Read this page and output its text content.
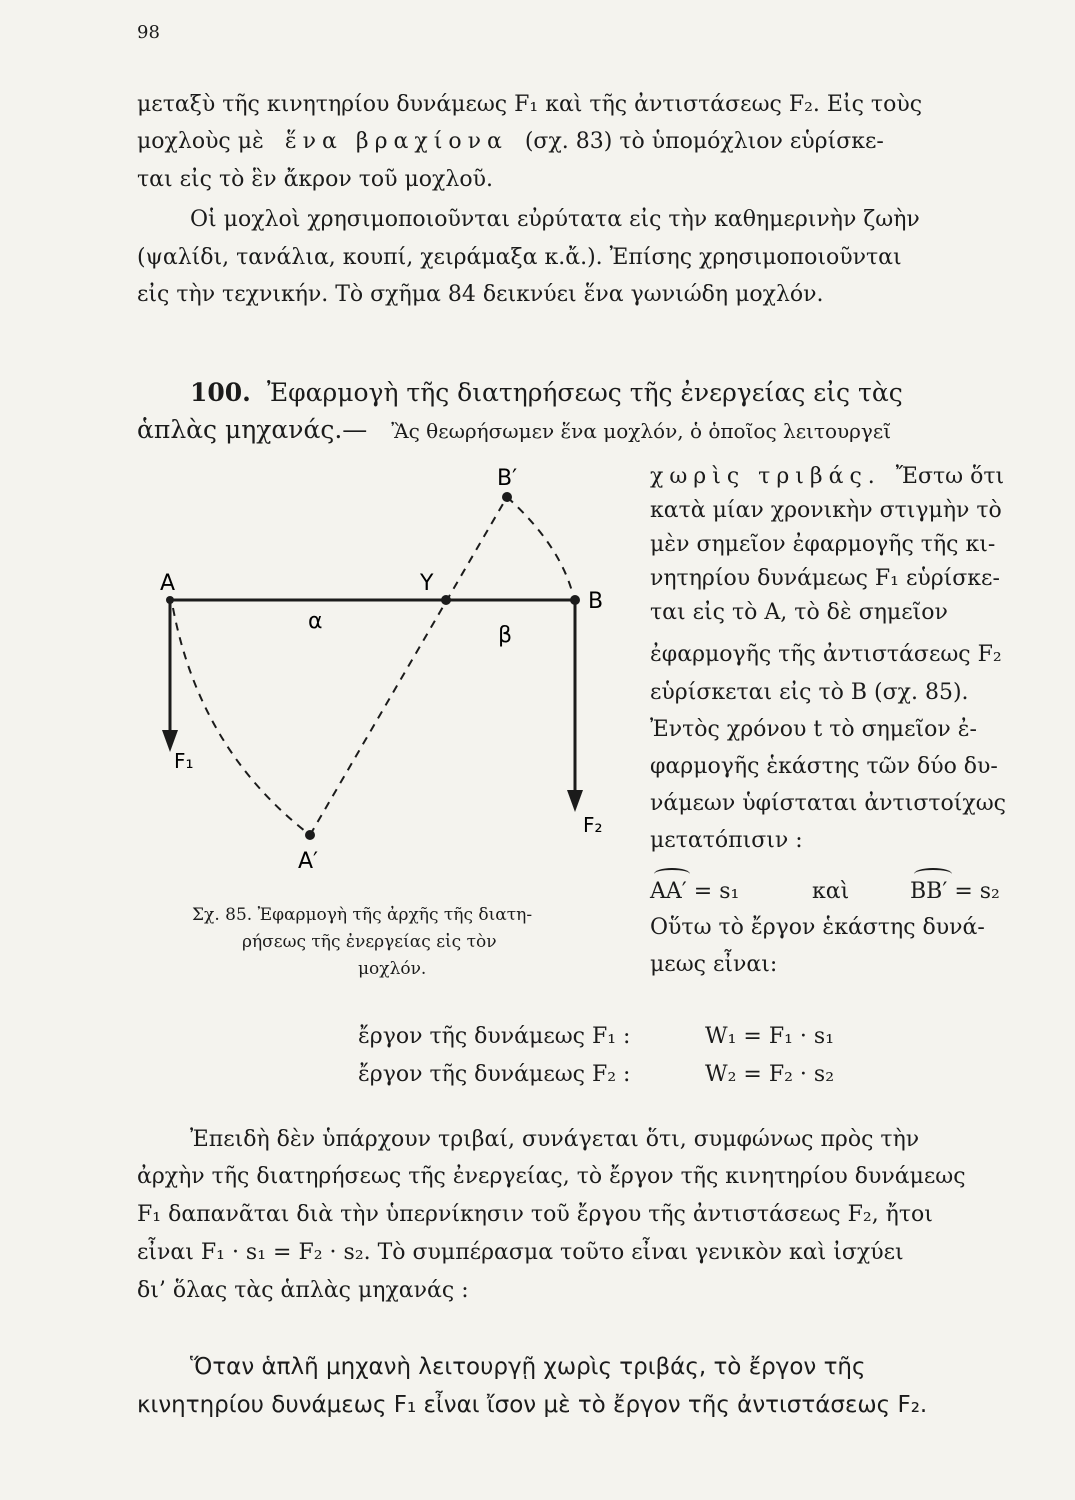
98
μεταξὺ τῆς κινητηρίου δυνάμεως F₁ καὶ τῆς ἀντιστάσεως F₂. Εἰς τοὺς
μοχλοὺς μὲ ἕνα βραχίονα (σχ. 83) τὸ ὑπομόχλιον εὑρίσκε-
ται εἰς τὸ ἓν ἄκρον τοῦ μοχλοῦ.
Οἱ μοχλοὶ χρησιμοποιοῦνται εὐρύτατα εἰς τὴν καθημερινὴν ζωὴν
(ψαλίδι, τανάλια, κουπί, χειράμαξα κ.ἄ.). Ἐπίσης χρησιμοποιοῦνται
εἰς τὴν τεχνικήν. Τὸ σχῆμα 84 δεικνύει ἕνα γωνιώδη μοχλόν.
100. Ἐφαρμογὴ τῆς διατηρήσεως τῆς ἐνεργείας εἰς τὰς
ἁπλὰς μηχανάς.— Ἂς θεωρήσωμεν ἕνα μοχλόν, ὁ ὁποῖος λειτουργεῖ
χωρὶς τριβάς. Ἔστω ὅτι
κατὰ μίαν χρονικὴν στιγμὴν τὸ
μὲν σημεῖον ἐφαρμογῆς τῆς κι-
νητηρίου δυνάμεως F₁ εὑρίσκε-
ται εἰς τὸ A, τὸ δὲ σημεῖον
ἐφαρμογῆς τῆς ἀντιστάσεως F₂
εὑρίσκεται εἰς τὸ B (σχ. 85).
Ἐντὸς χρόνου t τὸ σημεῖον ἐ-
φαρμογῆς ἑκάστης τῶν δύο δυ-
νάμεων ὑφίσταται ἀντιστοίχως
μετατόπισιν :
AA′ = s₁	καὶ	BB′ = s₂
Οὕτω τὸ ἔργον ἑκάστης δυνά-
μεως εἶναι:
A
B
Y
B′
A′
α
β
F₁
F₂
Σχ. 85. Ἐφαρμογὴ τῆς ἀρχῆς τῆς διατη-
ρήσεως τῆς ἐνεργείας εἰς τὸν
μοχλόν.
ἔργον τῆς δυνάμεως F₁ :	W₁ = F₁ · s₁
ἔργον τῆς δυνάμεως F₂ :	W₂ = F₂ · s₂
Ἐπειδὴ δὲν ὑπάρχουν τριβαί, συνάγεται ὅτι, συμφώνως πρὸς τὴν
ἀρχὴν τῆς διατηρήσεως τῆς ἐνεργείας, τὸ ἔργον τῆς κινητηρίου δυνάμεως
F₁ δαπανᾶται διὰ τὴν ὑπερνίκησιν τοῦ ἔργου τῆς ἀντιστάσεως F₂, ἤτοι
εἶναι F₁ · s₁ = F₂ · s₂. Τὸ συμπέρασμα τοῦτο εἶναι γενικὸν καὶ ἰσχύει
δι’ ὅλας τὰς ἁπλὰς μηχανάς :
Ὅταν ἁπλῆ μηχανὴ λειτουργῇ χωρὶς τριβάς, τὸ ἔργον τῆς
κινητηρίου δυνάμεως F₁ εἶναι ἴσον μὲ τὸ ἔργον τῆς ἀντιστάσεως F₂.
